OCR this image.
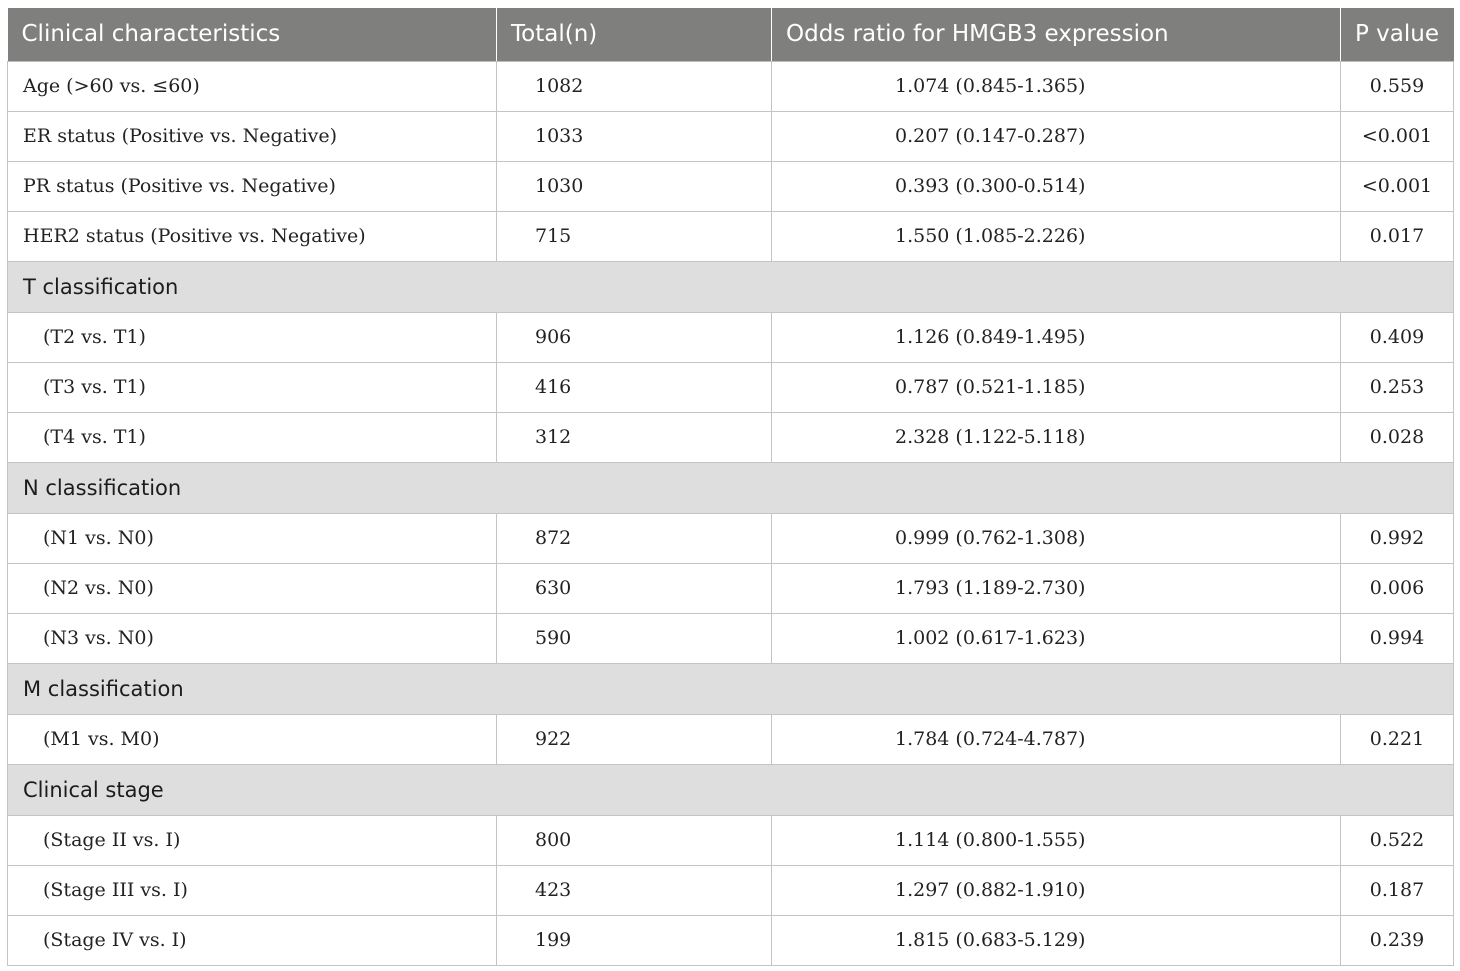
Clinical characteristics	Total(n)	Odds ratio for HMGB3 expression	P value
Age (>60 vs. ≤60)	1082	1.074 (0.845-1.365)	0.559
ER status (Positive vs. Negative)	1033	0.207 (0.147-0.287)	<0.001
PR status (Positive vs. Negative)	1030	0.393 (0.300-0.514)	<0.001
HER2 status (Positive vs. Negative)	715	1.550 (1.085-2.226)	0.017
T classification			
(T2 vs. T1)	906	1.126 (0.849-1.495)	0.409
(T3 vs. T1)	416	0.787 (0.521-1.185)	0.253
(T4 vs. T1)	312	2.328 (1.122-5.118)	0.028
N classification			
(N1 vs. N0)	872	0.999 (0.762-1.308)	0.992
(N2 vs. N0)	630	1.793 (1.189-2.730)	0.006
(N3 vs. N0)	590	1.002 (0.617-1.623)	0.994
M classification			
(M1 vs. M0)	922	1.784 (0.724-4.787)	0.221
Clinical stage			
(Stage II vs. I)	800	1.114 (0.800-1.555)	0.522
(Stage III vs. I)	423	1.297 (0.882-1.910)	0.187
(Stage IV vs. I)	199	1.815 (0.683-5.129)	0.239
